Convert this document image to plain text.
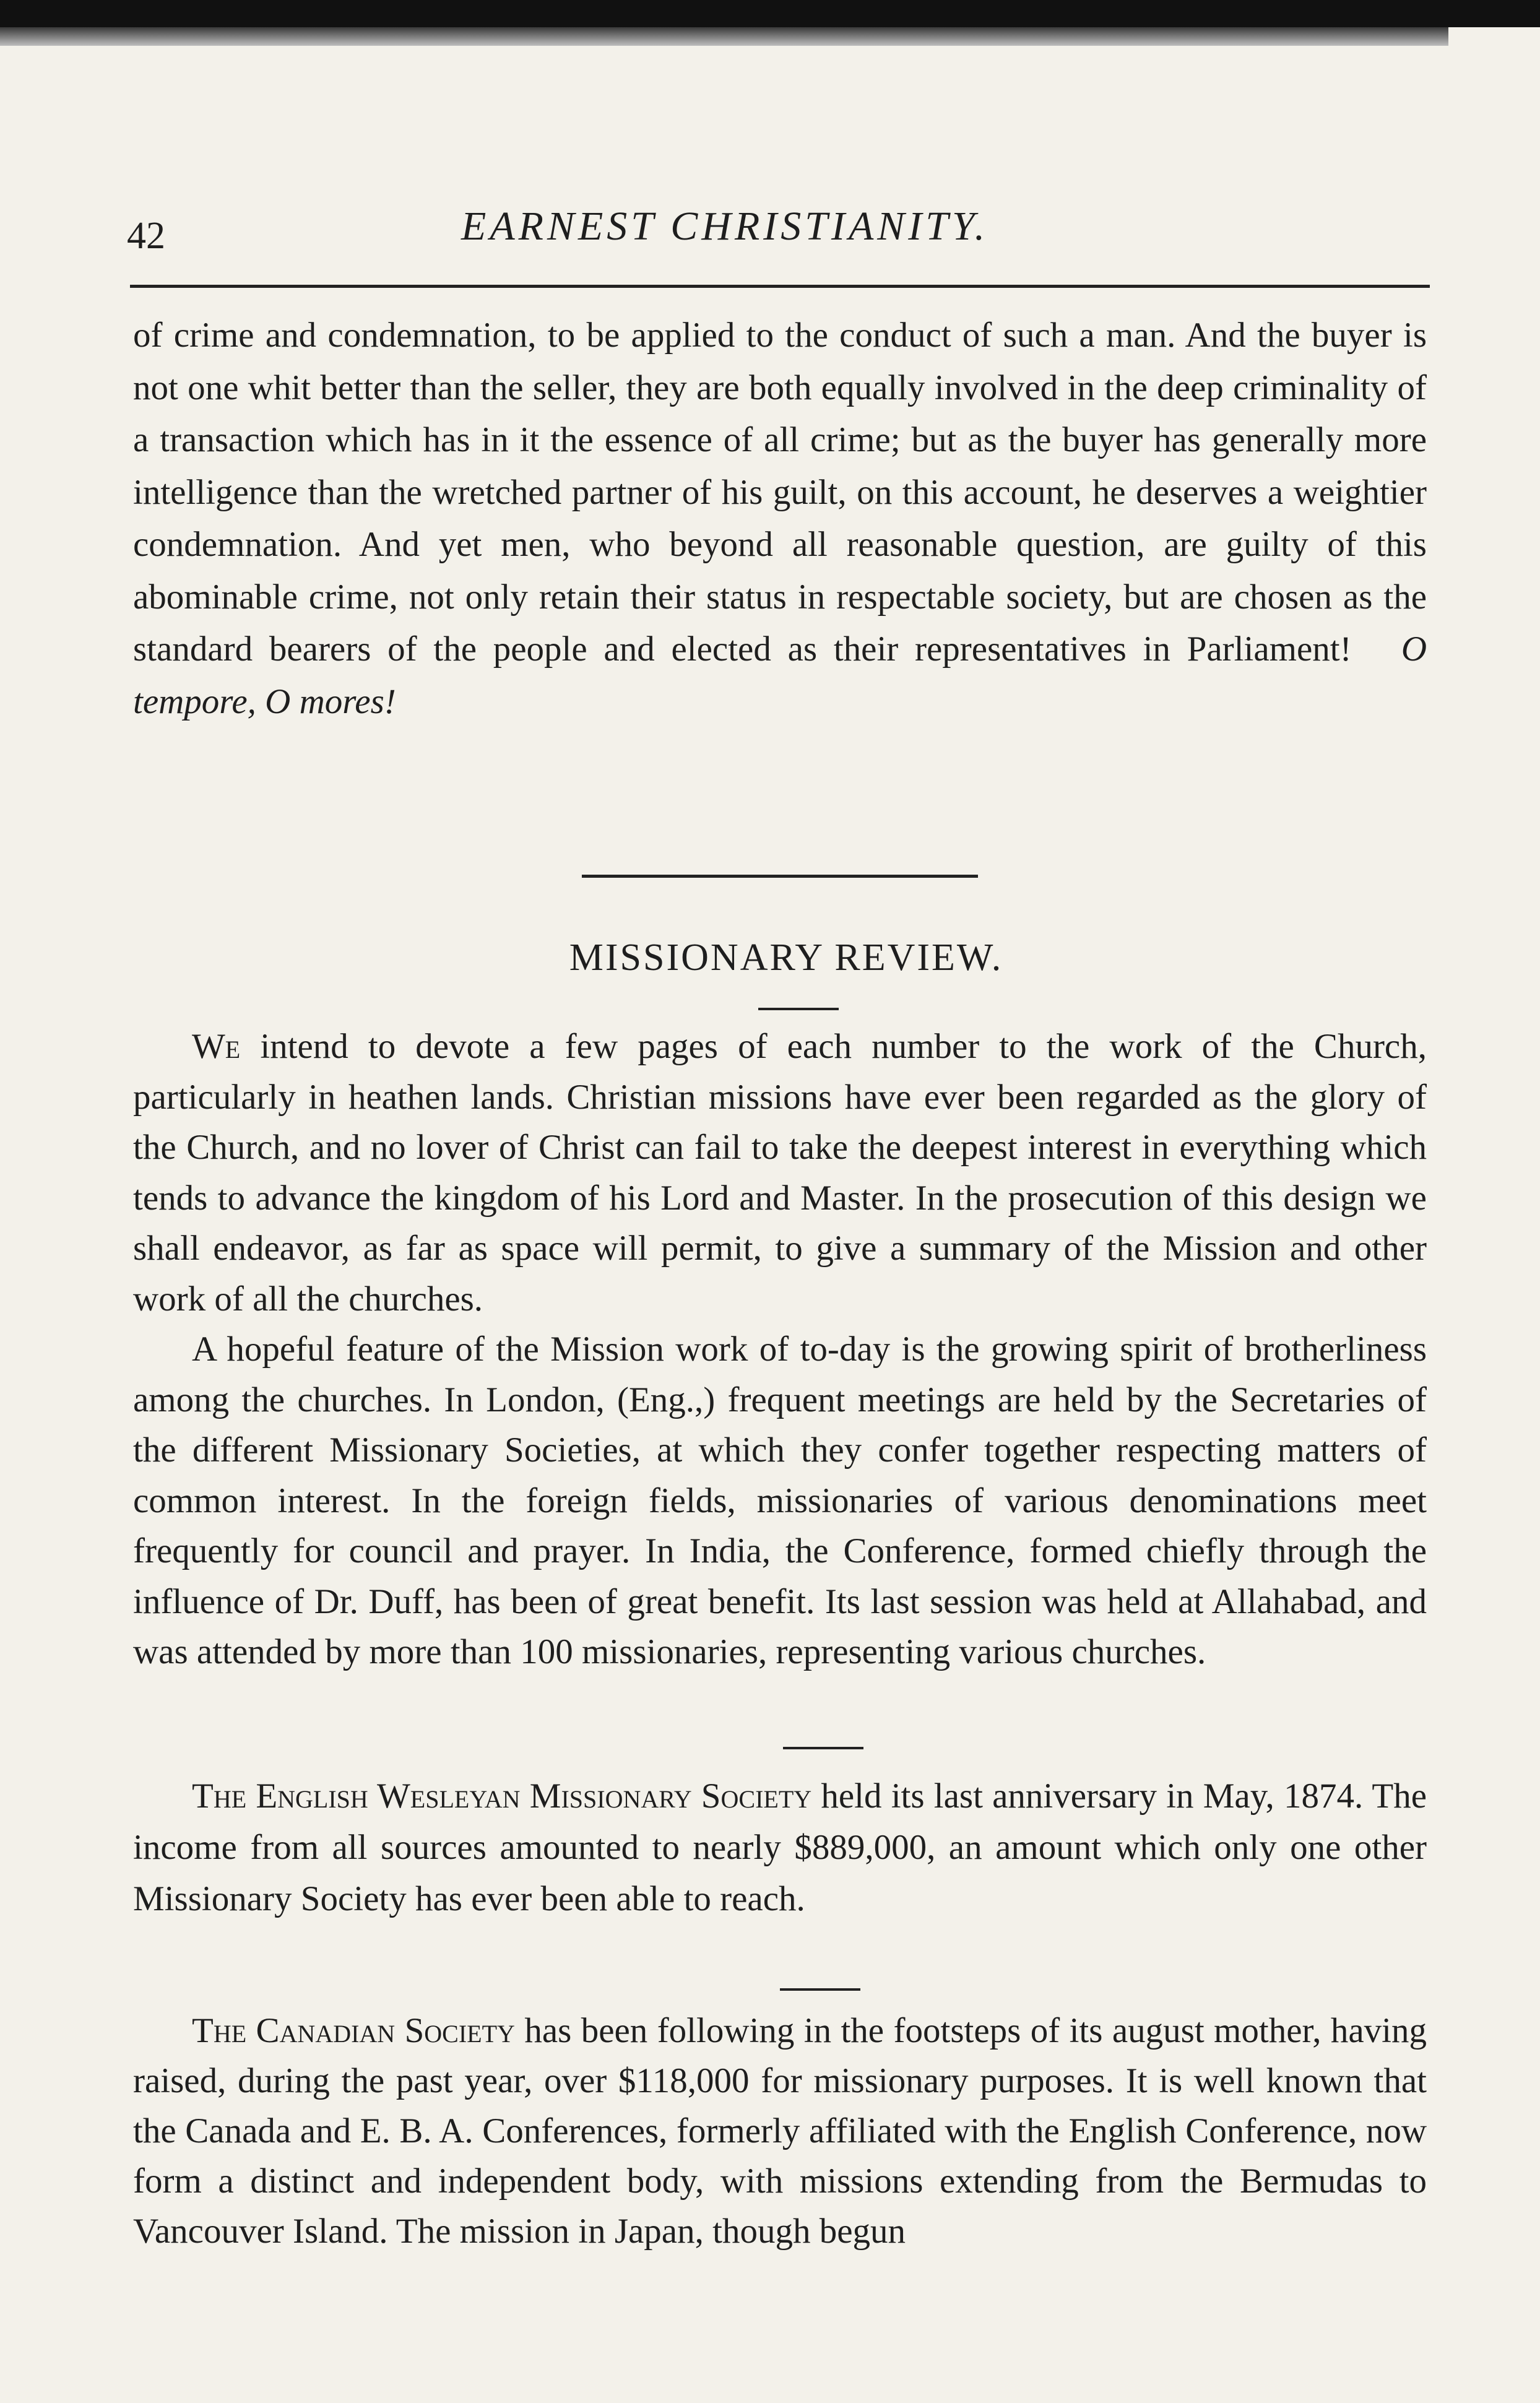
42	EARNEST CHRISTIANITY.

of crime and condemnation, to be applied to the conduct of such a man. And the buyer is not one whit better than the seller, they are both equally involved in the deep criminality of a transaction which has in it the essence of all crime; but as the buyer has generally more intelligence than the wretched partner of his guilt, on this account, he deserves a weightier condemnation. And yet men, who beyond all reasonable question, are guilty of this abominable crime, not only retain their status in respectable society, but are chosen as the standard bearers of the people and elected as their representatives in Parliament! O tempore, O mores!

MISSIONARY REVIEW.

We intend to devote a few pages of each number to the work of the Church, particularly in heathen lands. Christian missions have ever been regarded as the glory of the Church, and no lover of Christ can fail to take the deepest interest in everything which tends to advance the kingdom of his Lord and Master. In the prosecution of this design we shall endeavor, as far as space will permit, to give a summary of the Mission and other work of all the churches.

A hopeful feature of the Mission work of to-day is the growing spirit of brotherliness among the churches. In London, (Eng.,) frequent meetings are held by the Secretaries of the different Missionary Societies, at which they confer together respecting matters of common interest. In the foreign fields, missionaries of various denominations meet frequently for council and prayer. In India, the Conference, formed chiefly through the influence of Dr. Duff, has been of great benefit. Its last session was held at Allahabad, and was attended by more than 100 missionaries, representing various churches.

The English Wesleyan Missionary Society held its last anniversary in May, 1874. The income from all sources amounted to nearly $889,000, an amount which only one other Missionary Society has ever been able to reach.

The Canadian Society has been following in the footsteps of its august mother, having raised, during the past year, over $118,000 for missionary purposes. It is well known that the Canada and E. B. A. Conferences, formerly affiliated with the English Conference, now form a distinct and independent body, with missions extending from the Bermudas to Vancouver Island. The mission in Japan, though begun
